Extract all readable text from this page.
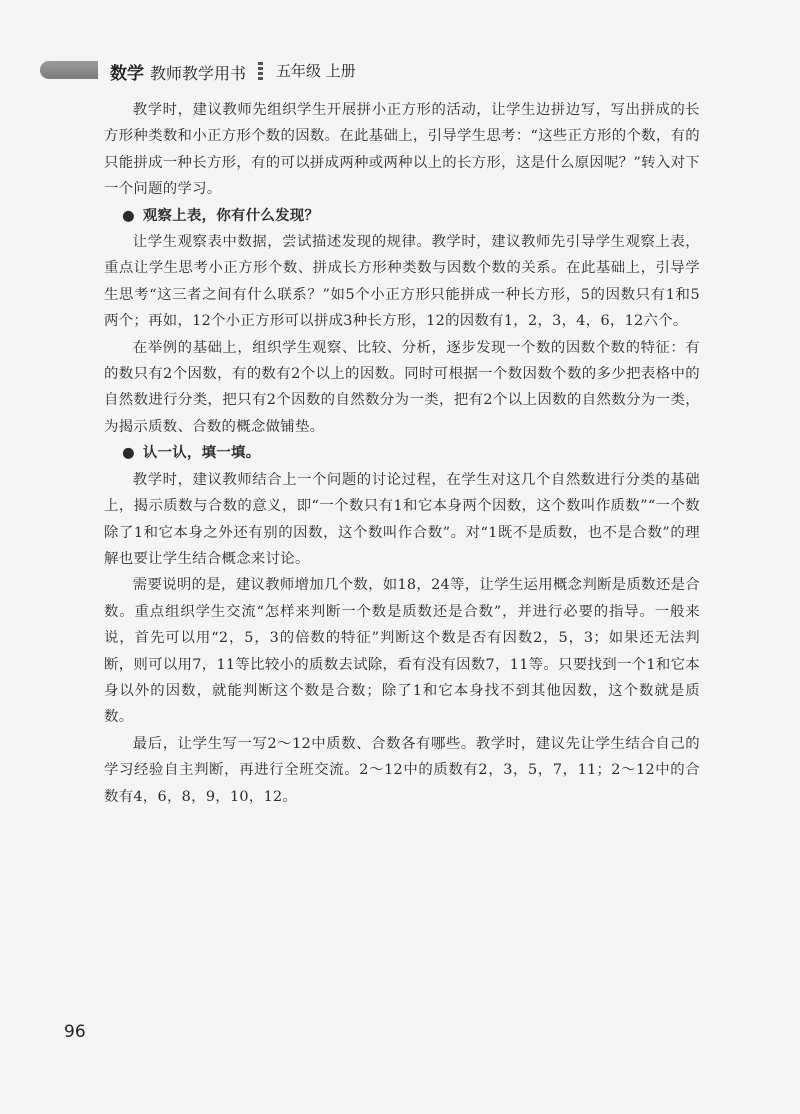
数学 教师教学用书 五年级 上册

教学时，建议教师先组织学生开展拼小正方形的活动，让学生边拼边写，写出拼成的长方形种类数和小正方形个数的因数。在此基础上，引导学生思考：“这些正方形的个数，有的只能拼成一种长方形，有的可以拼成两种或两种以上的长方形，这是什么原因呢？”转入对下一个问题的学习。

● 观察上表，你有什么发现？

让学生观察表中数据，尝试描述发现的规律。教学时，建议教师先引导学生观察上表，重点让学生思考小正方形个数、拼成长方形种类数与因数个数的关系。在此基础上，引导学生思考“这三者之间有什么联系？”如5个小正方形只能拼成一种长方形，5的因数只有1和5两个；再如，12个小正方形可以拼成3种长方形，12的因数有1，2，3，4，6，12六个。

在举例的基础上，组织学生观察、比较、分析，逐步发现一个数的因数个数的特征：有的数只有2个因数，有的数有2个以上的因数。同时可根据一个数因数个数的多少把表格中的自然数进行分类，把只有2个因数的自然数分为一类，把有2个以上因数的自然数分为一类，为揭示质数、合数的概念做铺垫。

● 认一认，填一填。

教学时，建议教师结合上一个问题的讨论过程，在学生对这几个自然数进行分类的基础上，揭示质数与合数的意义，即“一个数只有1和它本身两个因数，这个数叫作质数”“一个数除了1和它本身之外还有别的因数，这个数叫作合数”。对“1既不是质数，也不是合数”的理解也要让学生结合概念来讨论。

需要说明的是，建议教师增加几个数，如18，24等，让学生运用概念判断是质数还是合数。重点组织学生交流“怎样来判断一个数是质数还是合数”，并进行必要的指导。一般来说，首先可以用“2，5，3的倍数的特征”判断这个数是否有因数2，5，3；如果还无法判断，则可以用7，11等比较小的质数去试除，看有没有因数7，11等。只要找到一个1和它本身以外的因数，就能判断这个数是合数；除了1和它本身找不到其他因数，这个数就是质数。

最后，让学生写一写2～12中质数、合数各有哪些。教学时，建议先让学生结合自己的学习经验自主判断，再进行全班交流。2～12中的质数有2，3，5，7，11；2～12中的合数有4，6，8，9，10，12。

96
